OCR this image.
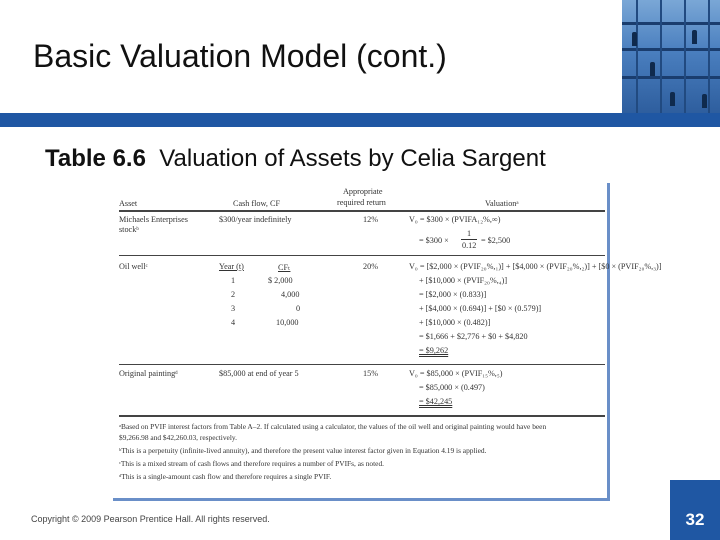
Basic Valuation Model (cont.)
Table 6.6 Valuation of Assets by Celia Sargent
Asset	Cash flow, CF
Appropriate
required return	Valuationᵃ
Michaels Enterprises
stockᵇ
$300/year indefinitely	12%	V₀ = $300 × (PVIFA₁₂%,∞)
= $300 ×
1
0.12
= $2,500
Oil wellᶜ	Year (t)	CFₜ	20%
1	$ 2,000
2	4,000
3	0
4	10,000
V₀ = [$2,000 × (PVIF₂₀%,₁)] + [$4,000 × (PVIF₂₀%,₂)] + [$0 × (PVIF₂₀%,₃)]
+ [$10,000 × (PVIF₂₀%,₄)]
= [$2,000 × (0.833)]
+ [$4,000 × (0.694)] + [$0 × (0.579)]
+ [$10,000 × (0.482)]
= $1,666 + $2,776 + $0 + $4,820
= $9,262
Original paintingᵈ	$85,000 at end of year 5	15%	V₀ = $85,000 × (PVIF₁₅%,₅)
= $85,000 × (0.497)
= $42,245
ᵃBased on PVIF interest factors from Table A–2. If calculated using a calculator, the values of the oil well and original painting would have been
$9,266.98 and $42,260.03, respectively.
ᵇThis is a perpetuity (infinite-lived annuity), and therefore the present value interest factor given in Equation 4.19 is applied.
ᶜThis is a mixed stream of cash flows and therefore requires a number of PVIFs, as noted.
ᵈThis is a single-amount cash flow and therefore requires a single PVIF.
Copyright © 2009 Pearson Prentice Hall. All rights reserved.	32
